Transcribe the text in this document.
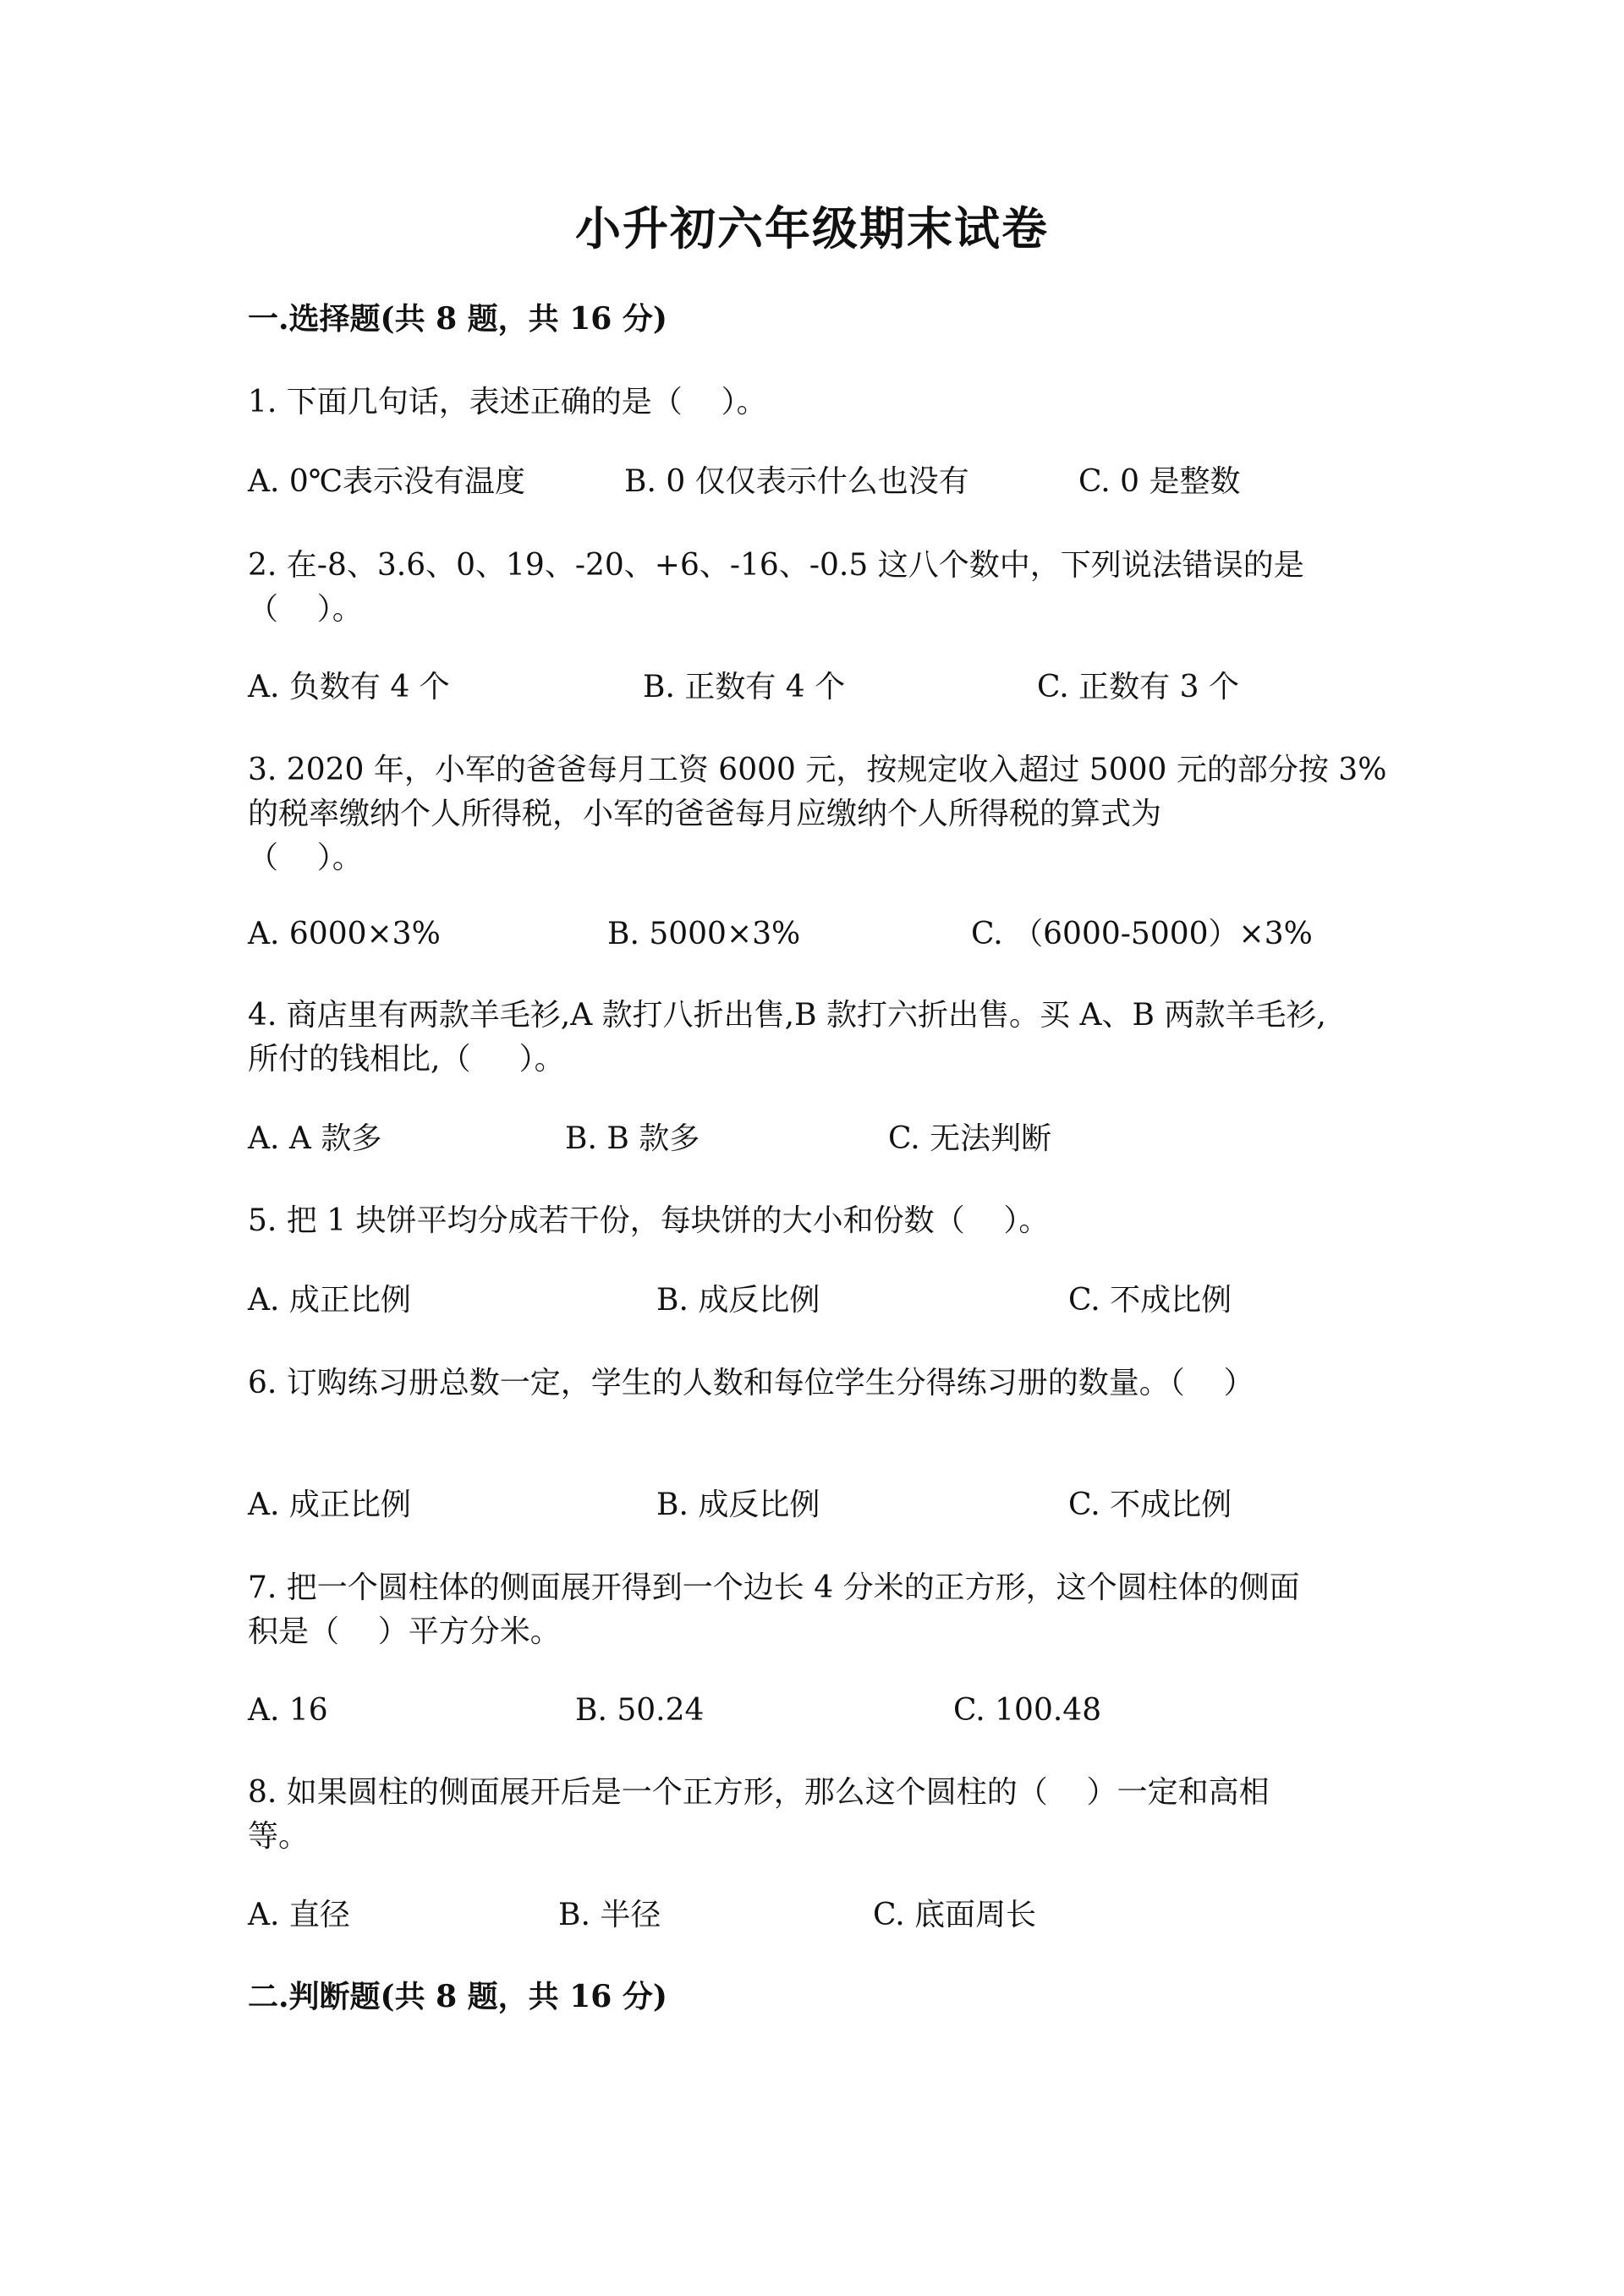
小升初六年级期末试卷
一.选择题(共 8 题，共 16 分)
1. 下面几句话，表述正确的是（    ）。
A. 0℃表示没有温度	B. 0 仅仅表示什么也没有	C. 0 是整数
2. 在-8、3.6、0、19、-20、+6、-16、-0.5 这八个数中，下列说法错误的是
（    ）。
A. 负数有 4 个	B. 正数有 4 个	C. 正数有 3 个
3. 2020 年，小军的爸爸每月工资 6000 元，按规定收入超过 5000 元的部分按 3%
的税率缴纳个人所得税，小军的爸爸每月应缴纳个人所得税的算式为
（    ）。
A. 6000×3%	B. 5000×3%	C. （6000-5000）×3%
4. 商店里有两款羊毛衫,A 款打八折出售,B 款打六折出售。买 A、B 两款羊毛衫,
所付的钱相比,（     ）。
A. A 款多	B. B 款多	C. 无法判断
5. 把 1 块饼平均分成若干份，每块饼的大小和份数（    ）。
A. 成正比例	B. 成反比例	C. 不成比例
6. 订购练习册总数一定，学生的人数和每位学生分得练习册的数量。（    ）
A. 成正比例	B. 成反比例	C. 不成比例
7. 把一个圆柱体的侧面展开得到一个边长 4 分米的正方形，这个圆柱体的侧面
积是（    ）平方分米。
A. 16	B. 50.24	C. 100.48
8. 如果圆柱的侧面展开后是一个正方形，那么这个圆柱的（    ）一定和高相
等。
A. 直径	B. 半径	C. 底面周长
二.判断题(共 8 题，共 16 分)
